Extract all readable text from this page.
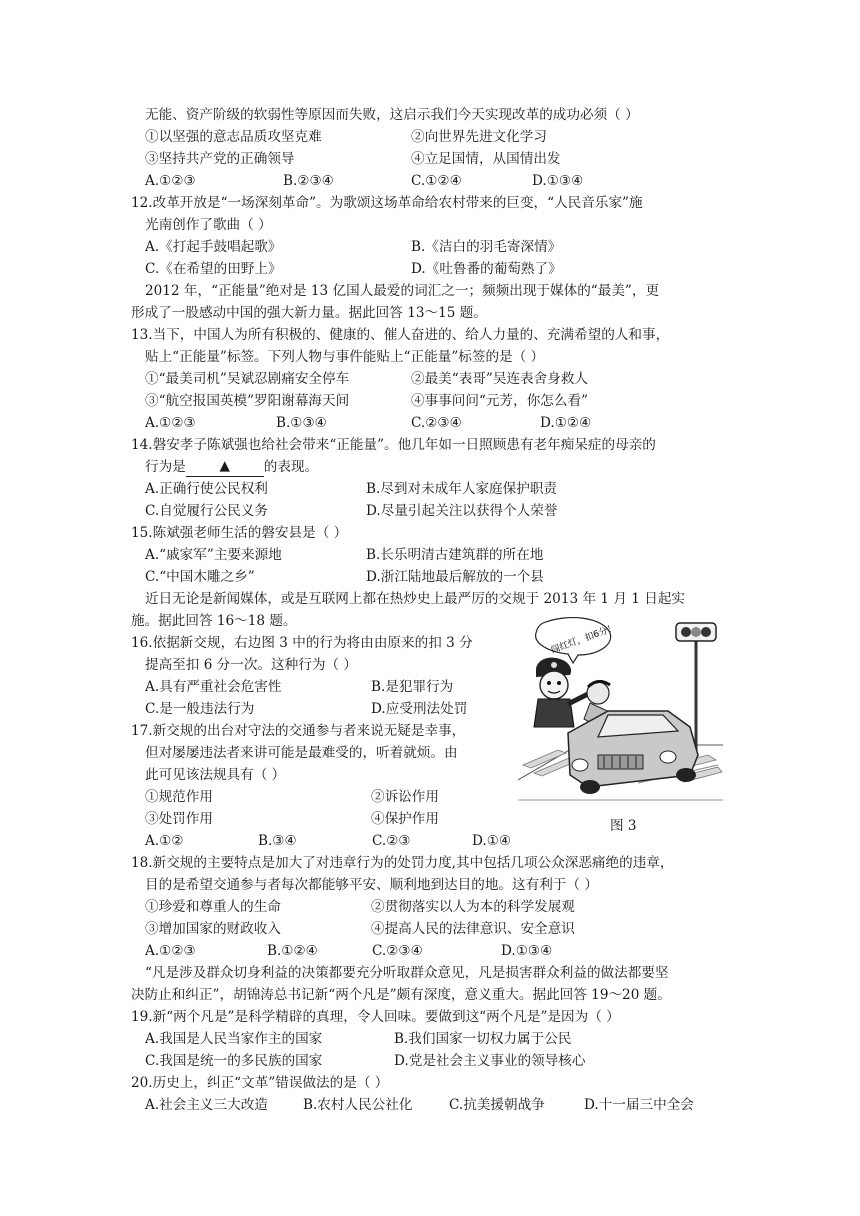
无能、资产阶级的软弱性等原因而失败，这启示我们今天实现改革的成功必须（ ）
①以坚强的意志品质攻坚克难	②向世界先进文化学习
③坚持共产党的正确领导	④立足国情，从国情出发
A.①②③	B.②③④	C.①②④	D.①③④
12.改革开放是“一场深刻革命”。为歌颂这场革命给农村带来的巨变，“人民音乐家”施
光南创作了歌曲（ ）
A.《打起手鼓唱起歌》	B.《洁白的羽毛寄深情》
C.《在希望的田野上》	D.《吐鲁番的葡萄熟了》
2012 年，“正能量”绝对是 13 亿国人最爱的词汇之一；频频出现于媒体的“最美”，更
形成了一股感动中国的强大新力量。据此回答 13～15 题。
13.当下，中国人为所有积极的、健康的、催人奋进的、给人力量的、充满希望的人和事，
贴上“正能量”标签。下列人物与事件能贴上“正能量”标签的是（ ）
①“最美司机”吴斌忍剧痛安全停车	②最美“表哥”吴连表舍身救人
③“航空报国英模”罗阳谢幕海天间	④事事问问“元芳，你怎么看”
A.①②③	B.①③④	C.②③④	D.①②④
14.磐安孝子陈斌强也给社会带来“正能量”。他几年如一日照顾患有老年痴呆症的母亲的
行为是 ▲ 的表现。
A.正确行使公民权利	B.尽到对未成年人家庭保护职责
C.自觉履行公民义务	D.尽量引起关注以获得个人荣誉
15.陈斌强老师生活的磐安县是（ ）
A.“戚家军”主要来源地	B.长乐明清古建筑群的所在地
C.“中国木雕之乡”	D.浙江陆地最后解放的一个县
近日无论是新闻媒体，或是互联网上都在热炒史上最严厉的交规于 2013 年 1 月 1 日起实
施。据此回答 16～18 题。
16.依据新交规，右边图 3 中的行为将由由原来的扣 3 分
提高至扣 6 分一次。这种行为（ ）
A.具有严重社会危害性	B.是犯罪行为
C.是一般违法行为	D.应受刑法处罚
17.新交规的出台对守法的交通参与者来说无疑是幸事，
但对屡屡违法者来讲可能是最难受的，听着就烦。由
此可见该法规具有（ ）
①规范作用	②诉讼作用
③处罚作用	④保护作用
A.①②	B.③④	C.②③	D.①④
闯红灯，扣6分！
图 3
18.新交规的主要特点是加大了对违章行为的处罚力度,其中包括几项公众深恶痛绝的违章，
目的是希望交通参与者每次都能够平安、顺利地到达目的地。这有利于（ ）
①珍爱和尊重人的生命	②贯彻落实以人为本的科学发展观
③增加国家的财政收入	④提高人民的法律意识、安全意识
A.①②③	B.①②④	C.②③④	D.①③④
“凡是涉及群众切身利益的决策都要充分听取群众意见，凡是损害群众利益的做法都要坚
决防止和纠正”，胡锦涛总书记新“两个凡是”颇有深度，意义重大。据此回答 19～20 题。
19.新“两个凡是”是科学精辟的真理，令人回味。要做到这“两个凡是”是因为（ ）
A.我国是人民当家作主的国家	B.我们国家一切权力属于公民
C.我国是统一的多民族的国家	D.党是社会主义事业的领导核心
20.历史上，纠正“文革”错误做法的是（ ）
A.社会主义三大改造	B.农村人民公社化	C.抗美援朝战争	D.十一届三中全会
